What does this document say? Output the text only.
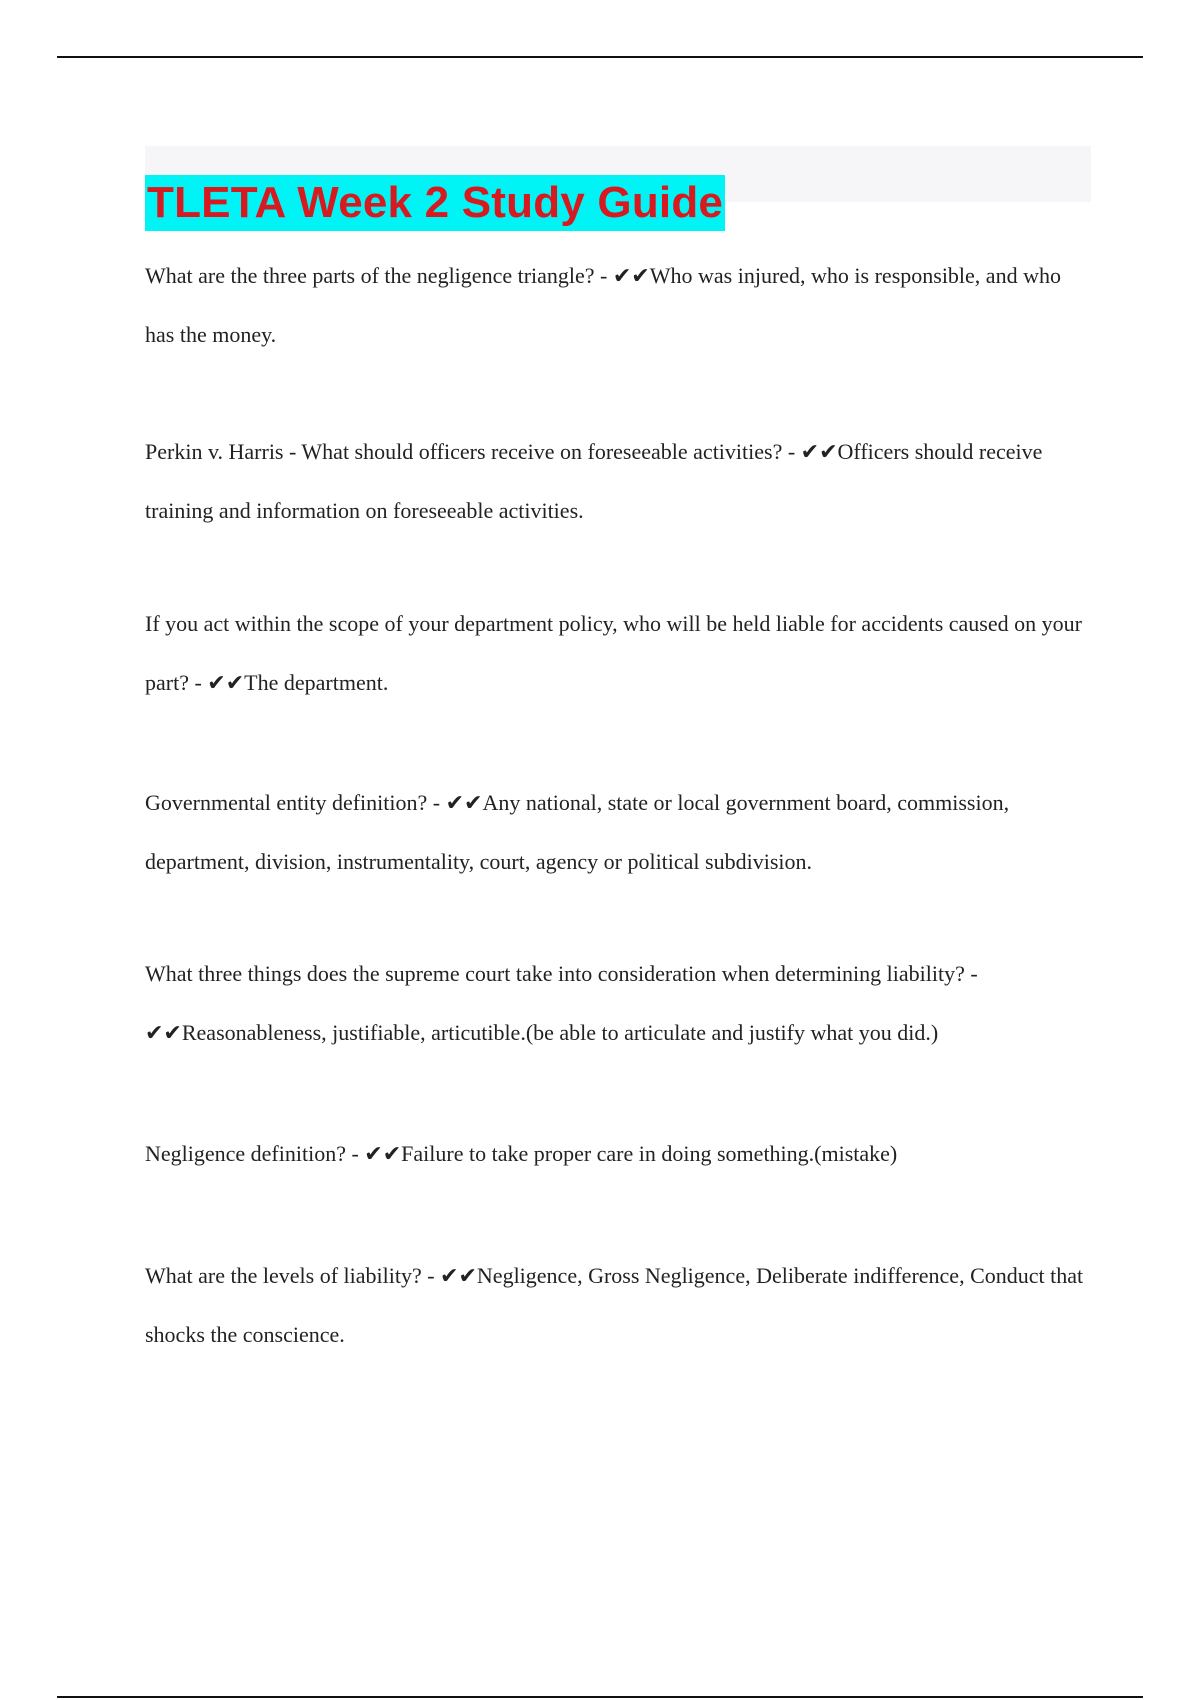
TLETA Week 2 Study Guide

What are the three parts of the negligence triangle? - ✔✔Who was injured, who is responsible, and who has the money.

Perkin v. Harris - What should officers receive on foreseeable activities? - ✔✔Officers should receive training and information on foreseeable activities.

If you act within the scope of your department policy, who will be held liable for accidents caused on your part? - ✔✔The department.

Governmental entity definition? - ✔✔Any national, state or local government board, commission, department, division, instrumentality, court, agency or political subdivision.

What three things does the supreme court take into consideration when determining liability? - ✔✔Reasonableness, justifiable, articutible.(be able to articulate and justify what you did.)

Negligence definition? - ✔✔Failure to take proper care in doing something.(mistake)

What are the levels of liability? - ✔✔Negligence, Gross Negligence, Deliberate indifference, Conduct that shocks the conscience.
